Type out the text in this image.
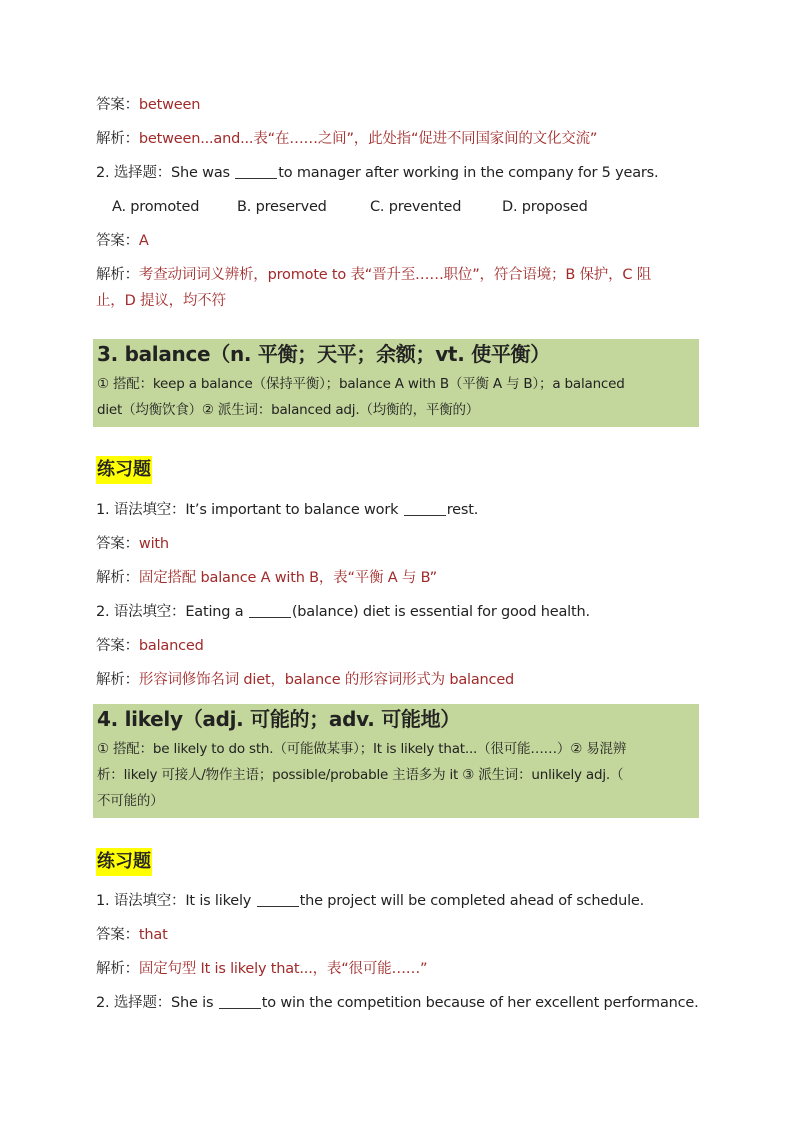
答案：between
解析：between...and...表“在……之间”，此处指“促进不同国家间的文化交流”
2. 选择题：She was	to manager after working in the company for 5 years.
A. promoted	B. preserved	C. prevented	D. proposed
答案：A
解析：考查动词词义辨析，promote to 表“晋升至……职位”，符合语境；B 保护，C 阻
止，D 提议，均不符
3. balance（n. 平衡；天平；余额；vt. 使平衡）
① 搭配：keep a balance（保持平衡）；balance A with B（平衡 A 与 B）；a balanced
diet（均衡饮食）② 派生词：balanced adj.（均衡的，平衡的）
练习题
1. 语法填空：It’s important to balance work	rest.
答案：with
解析：固定搭配 balance A with B，表“平衡 A 与 B”
2. 语法填空：Eating a	(balance) diet is essential for good health.
答案：balanced
解析：形容词修饰名词 diet，balance 的形容词形式为 balanced
4. likely（adj. 可能的；adv. 可能地）
① 搭配：be likely to do sth.（可能做某事）；It is likely that...（很可能……）② 易混辨
析：likely 可接人/物作主语；possible/probable 主语多为 it ③ 派生词：unlikely adj.（
不可能的）
练习题
1. 语法填空：It is likely	the project will be completed ahead of schedule.
答案：that
解析：固定句型 It is likely that...，表“很可能……”
2. 选择题：She is	to win the competition because of her excellent performance.
